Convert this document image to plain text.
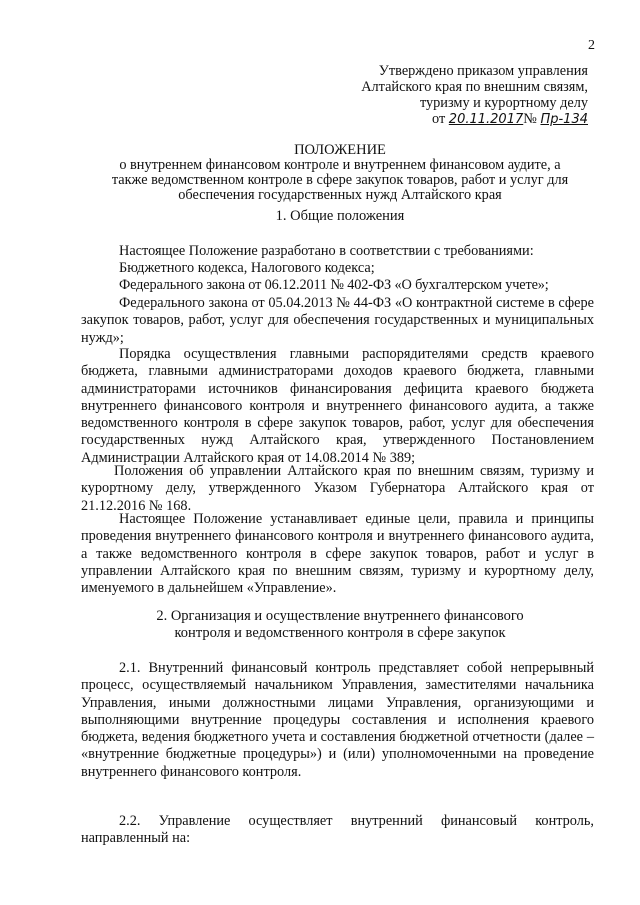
2
Утверждено приказом управления
Алтайского края по внешним связям,
туризму и курортному делу
от 20.11.2017№ Пр-134
ПОЛОЖЕНИЕ
о внутреннем финансовом контроле и внутреннем финансовом аудите, а
также ведомственном контроле в сфере закупок товаров, работ и услуг для
обеспечения государственных нужд Алтайского края
1. Общие положения
Настоящее Положение разработано в соответствии с требованиями:
Бюджетного кодекса, Налогового кодекса;
Федерального закона от 06.12.2011 № 402-ФЗ «О бухгалтерском учете»;
Федерального закона от 05.04.2013 № 44-ФЗ «О контрактной системе в сфере закупок товаров, работ, услуг для обеспечения государственных и муниципальных нужд»;
Порядка осуществления главными распорядителями средств краевого бюджета, главными администраторами доходов краевого бюджета, главными администраторами источников финансирования дефицита краевого бюджета внутреннего финансового контроля и внутреннего финансового аудита, а также ведомственного контроля в сфере закупок товаров, работ, услуг для обеспечения государственных нужд Алтайского края, утвержденного Постановлением Администрации Алтайского края от 14.08.2014 № 389;
Положения об управлении Алтайского края по внешним связям, туризму и курортному делу, утвержденного Указом Губернатора Алтайского края от 21.12.2016 № 168.
Настоящее Положение устанавливает единые цели, правила и принципы проведения внутреннего финансового контроля и внутреннего финансового аудита, а также ведомственного контроля в сфере закупок товаров, работ и услуг в управлении Алтайского края по внешним связям, туризму и курортному делу, именуемого в дальнейшем «Управление».
2. Организация и осуществление внутреннего финансового
контроля и ведомственного контроля в сфере закупок
2.1. Внутренний финансовый контроль представляет собой непрерывный процесс, осуществляемый начальником Управления, заместителями начальника Управления, иными должностными лицами Управления, организующими и выполняющими внутренние процедуры составления и исполнения краевого бюджета, ведения бюджетного учета и составления бюджетной отчетности (далее – «внутренние бюджетные процедуры») и (или) уполномоченными на проведение внутреннего финансового контроля.
2.2. Управление осуществляет внутренний финансовый контроль, направленный на:
